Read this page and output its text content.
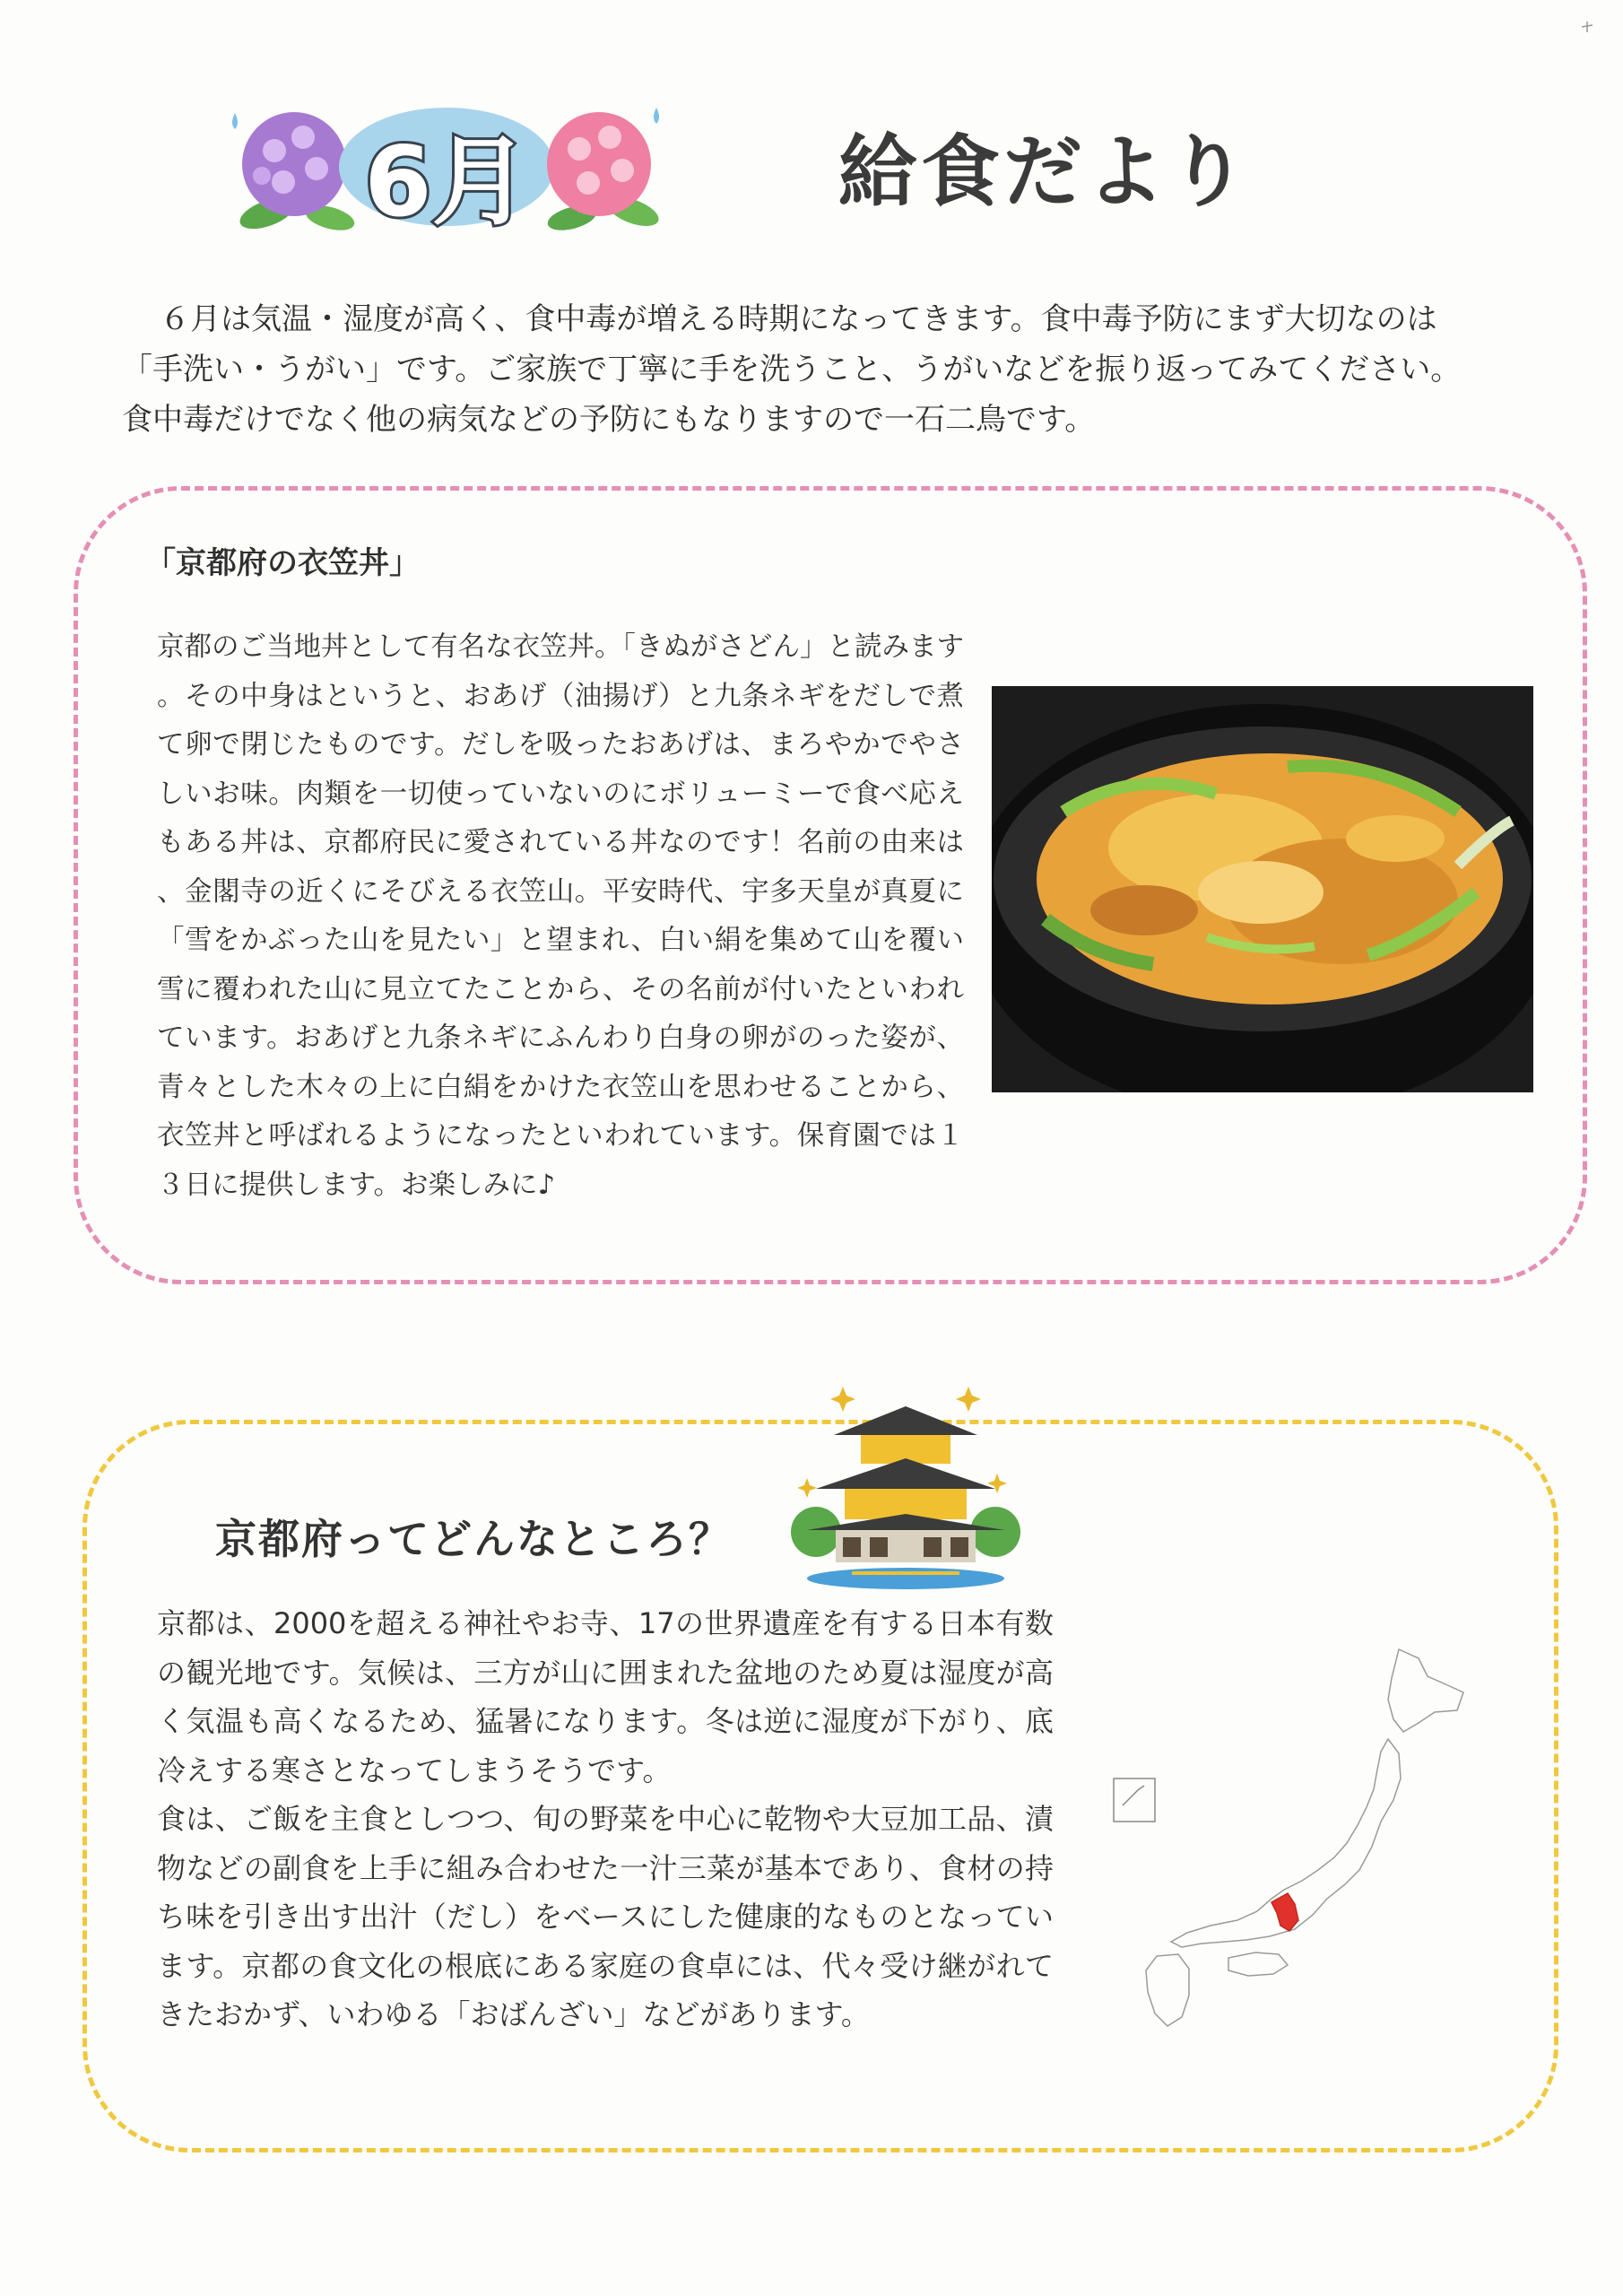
6月	給食だより

６月は気温・湿度が高く、食中毒が増える時期になってきます。食中毒予防にまず大切なのは

「手洗い・うがい」です。ご家族で丁寧に手を洗うこと、うがいなどを振り返ってみてください。

食中毒だけでなく他の病気などの予防にもなりますので一石二鳥です。

「京都府の衣笠丼」
京都のご当地丼として有名な衣笠丼。「きぬがさどん」と読みます。その中身はというと、おあげ（油揚げ）と九条ネギをだしで煮て卵で閉じたものです。だしを吸ったおあげは、まろやかでやさしいお味。肉類を一切使っていないのにボリューミーで食べ応えもある丼は、京都府民に愛されている丼なのです！名前の由来は、金閣寺の近くにそびえる衣笠山。平安時代、宇多天皇が真夏に「雪をかぶった山を見たい」と望まれ、白い絹を集めて山を覆い雪に覆われた山に見立てたことから、その名前が付いたといわれています。おあげと九条ネギにふんわり白身の卵がのった姿が、青々とした木々の上に白絹をかけた衣笠山を思わせることから、衣笠丼と呼ばれるようになったといわれています。保育園では１３日に提供します。お楽しみに♪
京都府ってどんなところ？

京都は、2000を超える神社やお寺、17の世界遺産を有する日本有数の観光地です。気候は、三方が山に囲まれた盆地のため夏は湿度が高く気温も高くなるため、猛暑になります。冬は逆に湿度が下がり、底冷えする寒さとなってしまうそうです。

食は、ご飯を主食としつつ、旬の野菜を中心に乾物や大豆加工品、漬物などの副食を上手に組み合わせた一汁三菜が基本であり、食材の持ち味を引き出す出汁（だし）をベースにした健康的なものとなっています。京都の食文化の根底にある家庭の食卓には、代々受け継がれてきたおかず、いわゆる「おばんざい」などがあります。
